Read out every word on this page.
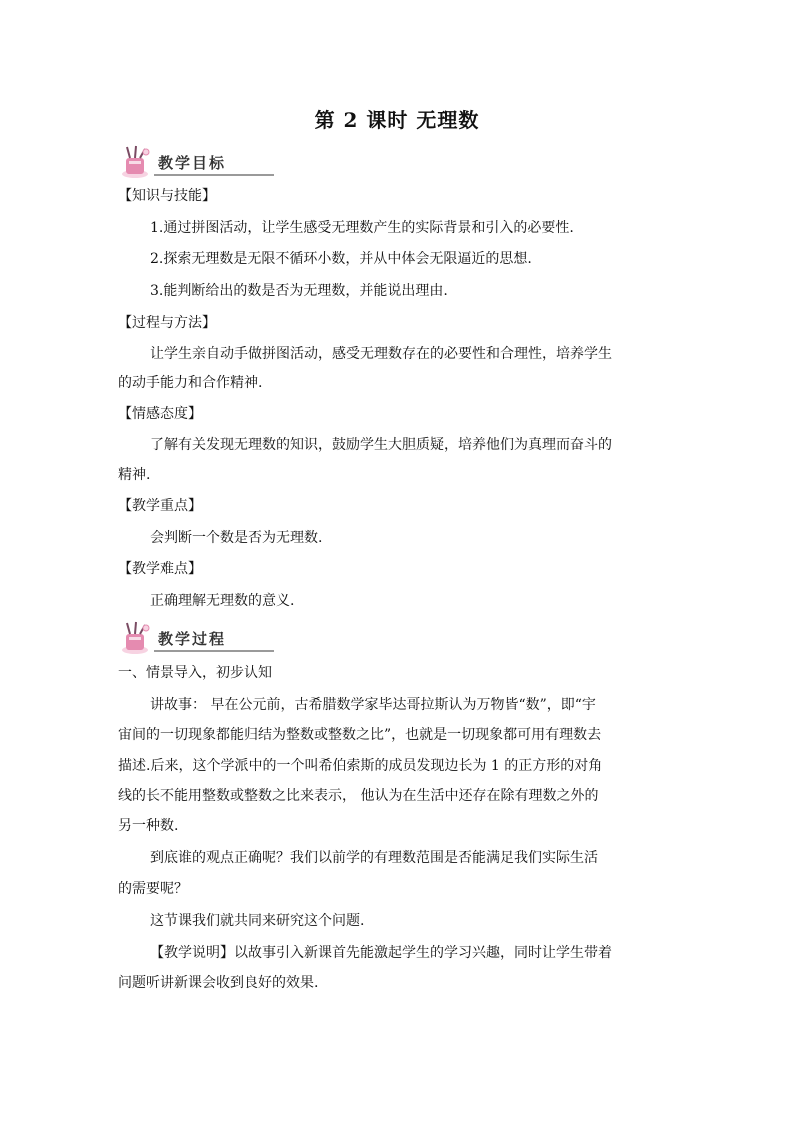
第 2 课时 无理数
教学目标
【知识与技能】
1.通过拼图活动，让学生感受无理数产生的实际背景和引入的必要性.
2.探索无理数是无限不循环小数，并从中体会无限逼近的思想.
3.能判断给出的数是否为无理数，并能说出理由.
【过程与方法】
让学生亲自动手做拼图活动，感受无理数存在的必要性和合理性，培养学生
的动手能力和合作精神.
【情感态度】
了解有关发现无理数的知识，鼓励学生大胆质疑，培养他们为真理而奋斗的
精神.
【教学重点】
会判断一个数是否为无理数.
【教学难点】
正确理解无理数的意义.
教学过程
一、情景导入，初步认知
讲故事： 早在公元前，古希腊数学家毕达哥拉斯认为万物皆“数”，即“宇
宙间的一切现象都能归结为整数或整数之比”，也就是一切现象都可用有理数去
描述.后来，这个学派中的一个叫希伯索斯的成员发现边长为 1 的正方形的对角
线的长不能用整数或整数之比来表示， 他认为在生活中还存在除有理数之外的
另一种数.
到底谁的观点正确呢？我们以前学的有理数范围是否能满足我们实际生活
的需要呢？
这节课我们就共同来研究这个问题.
【教学说明】以故事引入新课首先能激起学生的学习兴趣，同时让学生带着
问题听讲新课会收到良好的效果.
